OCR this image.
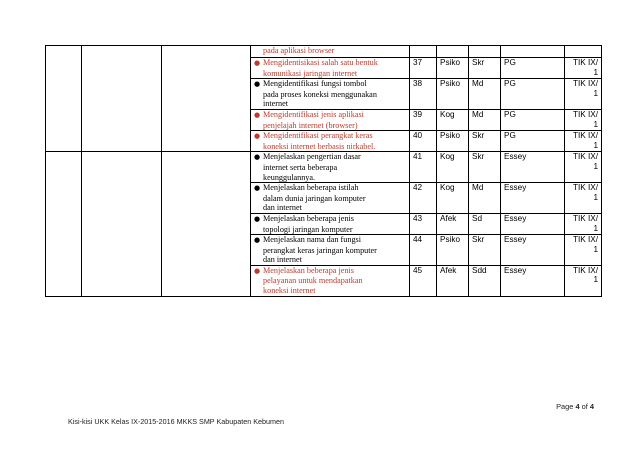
			pada aplikasi browser					

			● Mengidentisikasi salah satu bentuk
komunikasi jaringan internet	37	Psiko	Skr	PG	TIK IX/ 1

			● Mengidentifikasi fungsi tombol
pada proses koneksi menggunakan
internet	38	Psiko	Md	PG	TIK IX/ 1

			● Mengidentifikasi jenis aplikasi
penjelajah internet (browser)	39	Kog	Md	PG	TIK IX/ 1

			● Mengidentifikasi perangkat keras
koneksi internet berbasis nirkabel.	40	Psiko	Skr	PG	TIK IX/ 1

			● Menjelaskan pengertian dasar
internet serta beberapa
keunggulannya.	41	Kog	Skr	Essey	TIK IX/ 1

			● Menjelaskan beberapa istilah
dalam dunia jaringan komputer
dan internet	42	Kog	Md	Essey	TIK IX/ 1

			● Menjelaskan beberapa jenis
topologi jaringan komputer	43	Afek	Sd	Essey	TIK IX/ 1

			● Menjelaskan nama dan fungsi
perangkat keras jaringan komputer
dan internet	44	Psiko	Skr	Essey	TIK IX/ 1

			● Menjelaskan beberapa jenis
pelayanan untuk mendapatkan
koneksi internet	45	Afek	Sdd	Essey	TIK IX/ 1
Kisi-kisi UKK Kelas IX-2015-2016 MKKS SMP Kabupaten Kebumen
Page 4 of 4
